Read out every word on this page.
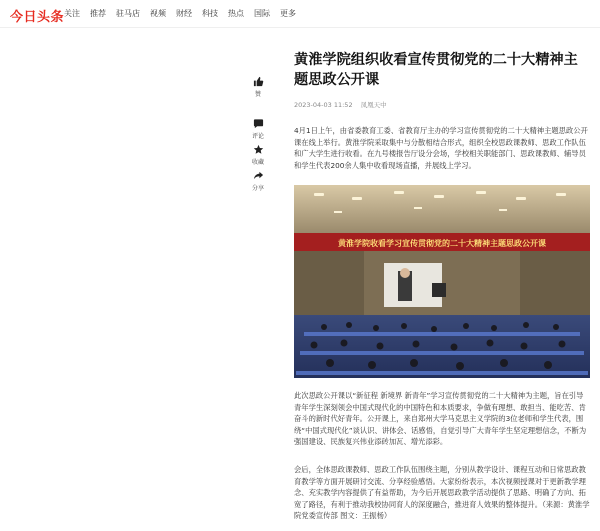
今日头条 关注 推荐 驻马店 视频 财经 科技 热点 国际 更多
赞
评论
收藏
分享
黄淮学院组织收看宣传贯彻党的二十大精神主题思政公开课
2023-04-03 11:52 凤凰天中

4月1日上午，由省委教育工委、省教育厅主办的学习宣传贯彻党的二十大精神主题思政公开课在线上举行。黄淮学院采取集中与分散相结合形式，组织全校思政课教师、思政工作队伍和广大学生进行收看。在九号楼报告厅设分会场，学校相关职能部门、思政课教师、辅导员和学生代表200余人集中收看现场直播，并展线上学习。

黄淮学院收看学习宣传贯彻党的二十大精神主题思政公开课

此次思政公开课以“新征程 新境界 新青年”学习宣传贯彻党的二十大精神为主题，旨在引导青年学生深刻领会中国式现代化的中国特色和本质要求，争做有理想、敢担当、能吃苦、肯奋斗的新时代好青年。公开课上，来自郑州大学马克思主义学院的3位老师和学生代表，围绕“中国式现代化”谈认识、讲体会、话感悟，自觉引导广大青年学生坚定理想信念，不断为强国建设、民族复兴伟业添砖加瓦、增光添彩。

会后，全体思政课教师、思政工作队伍围绕主题，分别从教学设计、课程互动和日常思政教育教学等方面开展研讨交流、分享经验感悟。大家纷纷表示，本次视频授课对于更新教学理念、充实教学内容提供了有益帮助，为今后开展思政教学活动提供了思路、明确了方向、拓宽了路径，有利于推动我校协同育人的深度融合，推进育人效果的整体提升。（来源：黄淮学院党委宣传部 图文：王振杨）
